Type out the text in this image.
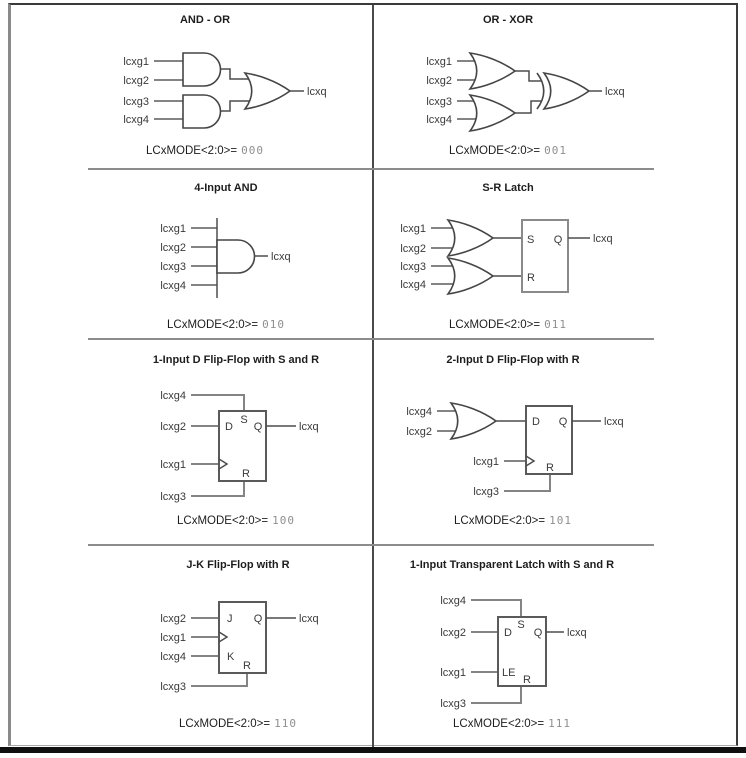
AND - OR
lcxg1
lcxg2
lcxg3
lcxg4
lcxq
LCxMODE<2:0>= 000
OR - XOR
lcxg1
lcxg2
lcxg3
lcxg4
lcxq
LCxMODE<2:0>= 001
4-Input AND
lcxg1
lcxg2
lcxg3
lcxg4
lcxq
LCxMODE<2:0>= 010
S-R Latch
S Q
R
lcxg1
lcxg2
lcxg3
lcxg4
lcxq
LCxMODE<2:0>= 011
1-Input D Flip-Flop with S and R
S
D Q
R
lcxg4
lcxg2
lcxg1
lcxg3
lcxq
LCxMODE<2:0>= 100
2-Input D Flip-Flop with R
D Q
R
lcxg4
lcxg2
lcxg1
lcxg3
lcxq
LCxMODE<2:0>= 101
J-K Flip-Flop with R
J Q
K
R
lcxg2
lcxg1
lcxg4
lcxg3
lcxq
LCxMODE<2:0>= 110
1-Input Transparent Latch with S and R
S
D Q
LE
R
lcxg4
lcxg2
lcxg1
lcxg3
lcxq
LCxMODE<2:0>= 111
